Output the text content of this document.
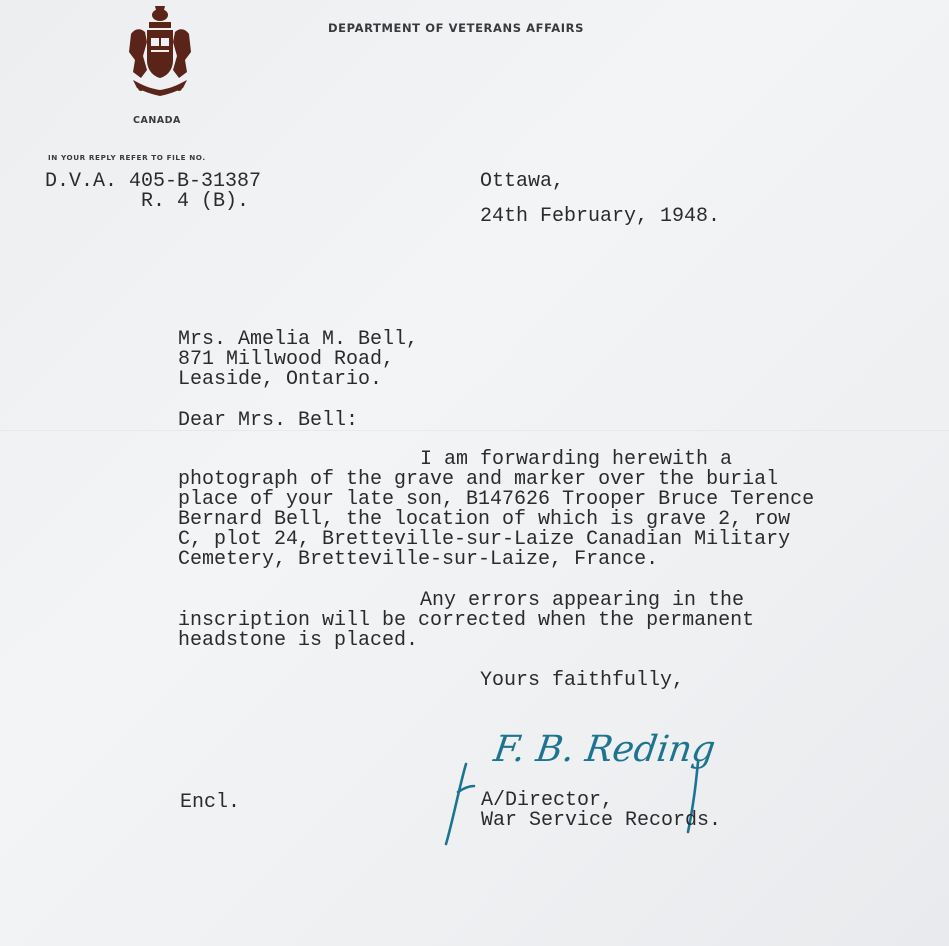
DEPARTMENT OF VETERANS AFFAIRS
CANADA
IN YOUR REPLY REFER TO FILE NO.
D.V.A. 405-B-31387
R. 4 (B).
Ottawa,
24th February, 1948.
Mrs. Amelia M. Bell,
871 Millwood Road,
Leaside, Ontario.
Dear Mrs. Bell:
I am forwarding herewith a
photograph of the grave and marker over the burial
place of your late son, B147626 Trooper Bruce Terence
Bernard Bell, the location of which is grave 2, row
C, plot 24, Bretteville-sur-Laize Canadian Military
Cemetery, Bretteville-sur-Laize, France.
Any errors appearing in the
inscription will be corrected when the permanent
headstone is placed.
Yours faithfully,
F. B. Reding
Encl.	A/Director,
War Service Records.
